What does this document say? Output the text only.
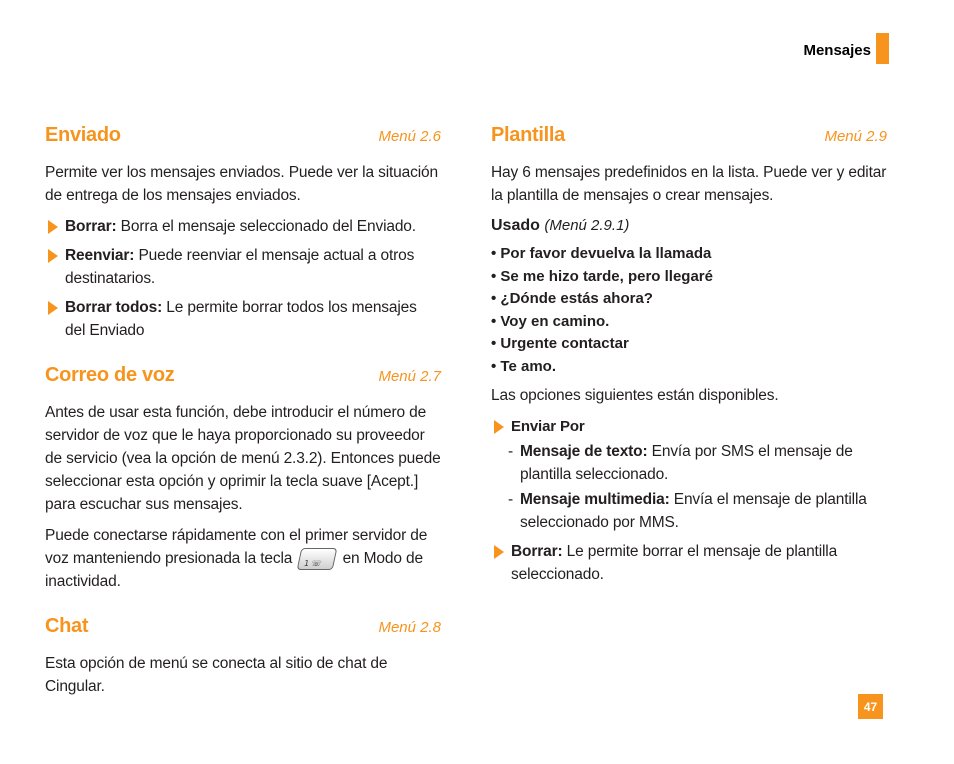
Mensajes
Enviado	Menú 2.6

Permite ver los mensajes enviados. Puede ver la situación de entrega de los mensajes enviados.

Borrar: Borra el mensaje seleccionado del Enviado.
Reenviar: Puede reenviar el mensaje actual a otros destinatarios.
Borrar todos: Le permite borrar todos los mensajes del Enviado
Correo de voz	Menú 2.7

Antes de usar esta función, debe introducir el número de servidor de voz que le haya proporcionado su proveedor de servicio (vea la opción de menú 2.3.2). Entonces puede seleccionar esta opción y oprimir la tecla suave [Acept.] para escuchar sus mensajes.

Puede conectarse rápidamente con el primer servidor de voz manteniendo presionada la tecla 1 ☏ en Modo de inactividad.

Chat	Menú 2.8

Esta opción de menú se conecta al sitio de chat de Cingular.

Plantilla	Menú 2.9

Hay 6 mensajes predefinidos en la lista. Puede ver y editar la plantilla de mensajes o crear mensajes.

Usado (Menú 2.9.1)
• Por favor devuelva la llamada
• Se me hizo tarde, pero llegaré
• ¿Dónde estás ahora?
• Voy en camino.
• Urgente contactar
• Te amo.

Las opciones siguientes están disponibles.

Enviar Por
- Mensaje de texto: Envía por SMS el mensaje de plantilla seleccionado.
- Mensaje multimedia: Envía el mensaje de plantilla seleccionado por MMS.
Borrar: Le permite borrar el mensaje de plantilla seleccionado.
47
